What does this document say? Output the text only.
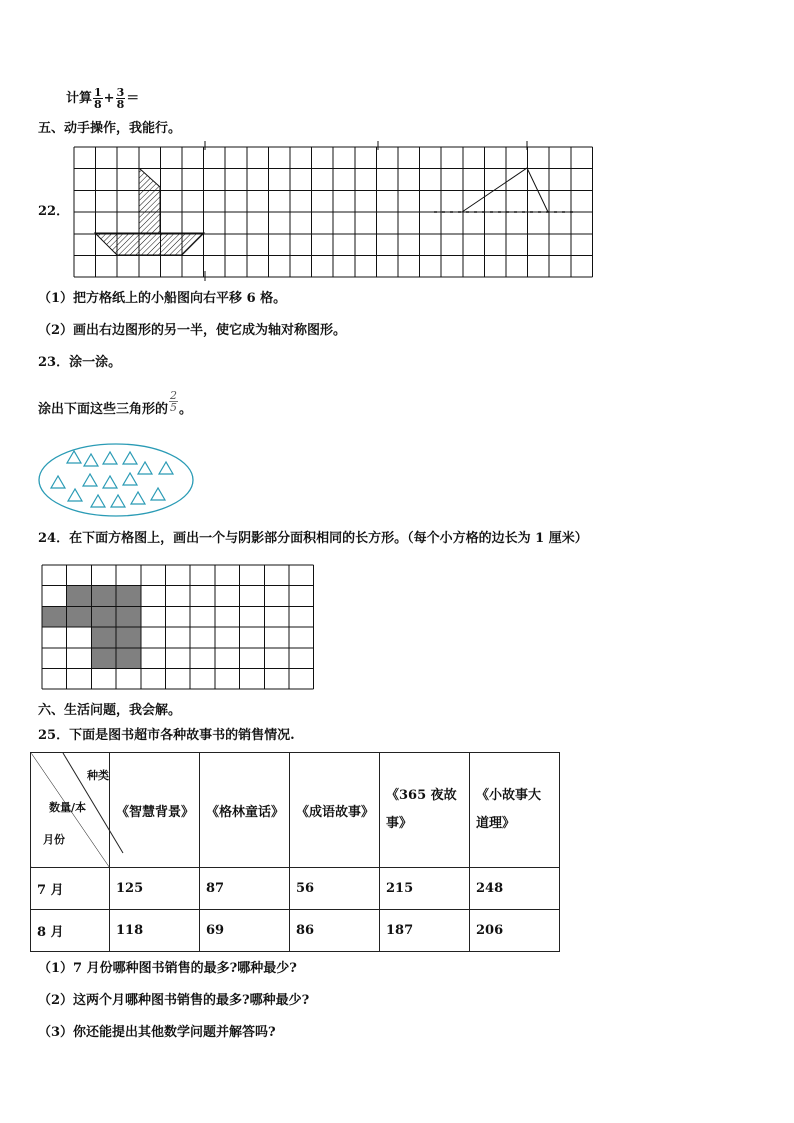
计算 $\frac{1}{8} + \frac{3}{8}$ ＝
五、动手操作，我能行。
22．
（1）把方格纸上的小船图向右平移 6 格。
（2）画出右边图形的另一半，使它成为轴对称图形。
23．涂一涂。
涂出下面这些三角形的 $\frac{2}{5}$ 。
24．在下面方格图上，画出一个与阴影部分面积相同的长方形。（每个小方格的边长为 1 厘米）
六、生活问题，我会解。
25．下面是图书超市各种故事书的销售情况.
种类
数量/本
月份	《智慧背景》	《格林童话》	《成语故事》	《365 夜故事》	《小故事大道理》
7 月	125	87	56	215	248
8 月	118	69	86	187	206
（1）7 月份哪种图书销售的最多?哪种最少?
（2）这两个月哪种图书销售的最多?哪种最少?
（3）你还能提出其他数学问题并解答吗?
